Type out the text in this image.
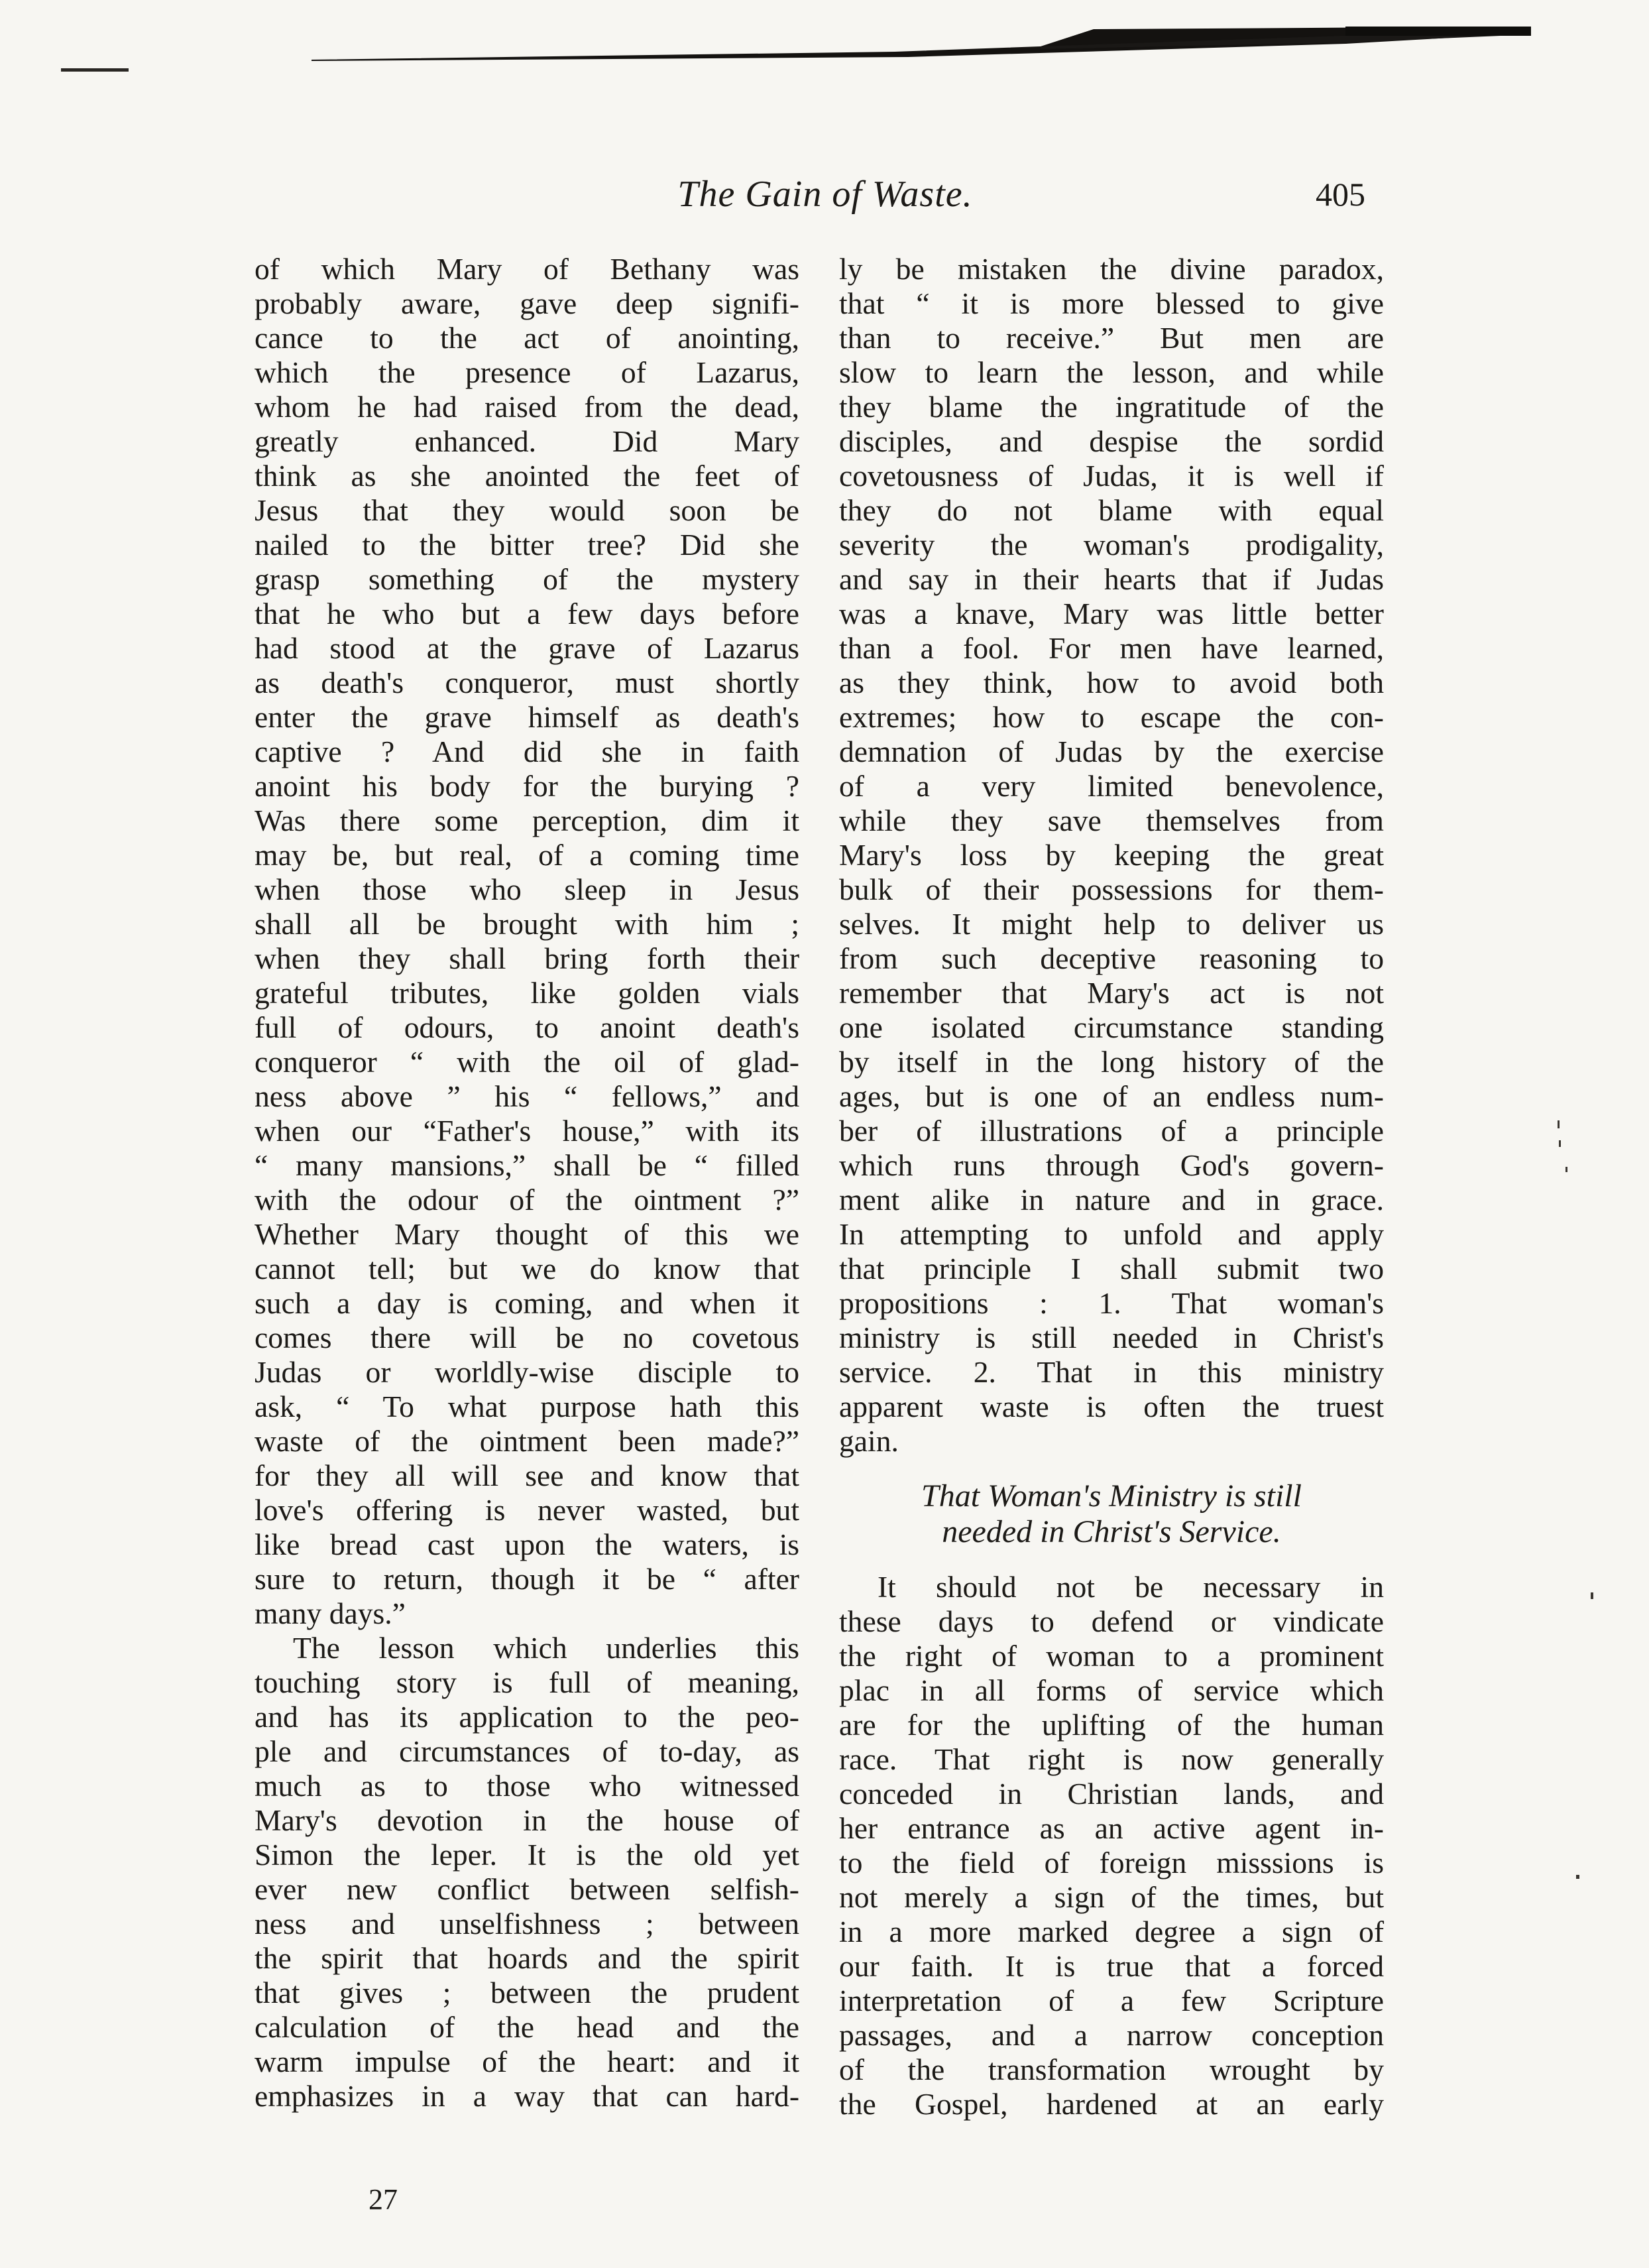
The Gain of Waste.	405
of which Mary of Bethany was
probably aware, gave deep signifi-
cance to the act of anointing,
which the presence of Lazarus,
whom he had raised from the dead,
greatly enhanced. Did Mary
think as she anointed the feet of
Jesus that they would soon be
nailed to the bitter tree? Did she
grasp something of the mystery
that he who but a few days before
had stood at the grave of Lazarus
as death's conqueror, must shortly
enter the grave himself as death's
captive ? And did she in faith
anoint his body for the burying ?
Was there some perception, dim it
may be, but real, of a coming time
when those who sleep in Jesus
shall all be brought with him ;
when they shall bring forth their
grateful tributes, like golden vials
full of odours, to anoint death's
conqueror “ with the oil of glad-
ness above ” his “ fellows,” and
when our “Father's house,” with its
“ many mansions,” shall be “ filled
with the odour of the ointment ?”
Whether Mary thought of this we
cannot tell; but we do know that
such a day is coming, and when it
comes there will be no covetous
Judas or worldly-wise disciple to
ask, “ To what purpose hath this
waste of the ointment been made?”
for they all will see and know that
love's offering is never wasted, but
like bread cast upon the waters, is
sure to return, though it be “ after
many days.”
The lesson which underlies this
touching story is full of meaning,
and has its application to the peo-
ple and circumstances of to-day, as
much as to those who witnessed
Mary's devotion in the house of
Simon the leper. It is the old yet
ever new conflict between selfish-
ness and unselfishness ; between
the spirit that hoards and the spirit
that gives ; between the prudent
calculation of the head and the
warm impulse of the heart: and it
emphasizes in a way that can hard-
ly be mistaken the divine paradox,
that “ it is more blessed to give
than to receive.” But men are
slow to learn the lesson, and while
they blame the ingratitude of the
disciples, and despise the sordid
covetousness of Judas, it is well if
they do not blame with equal
severity the woman's prodigality,
and say in their hearts that if Judas
was a knave, Mary was little better
than a fool. For men have learned,
as they think, how to avoid both
extremes; how to escape the con-
demnation of Judas by the exercise
of a very limited benevolence,
while they save themselves from
Mary's loss by keeping the great
bulk of their possessions for them-
selves. It might help to deliver us
from such deceptive reasoning to
remember that Mary's act is not
one isolated circumstance standing
by itself in the long history of the
ages, but is one of an endless num-
ber of illustrations of a principle
which runs through God's govern-
ment alike in nature and in grace.
In attempting to unfold and apply
that principle I shall submit two
propositions : 1. That woman's
ministry is still needed in Christ's
service. 2. That in this ministry
apparent waste is often the truest
gain.
That Woman's Ministry is still
needed in Christ's Service.
It should not be necessary in
these days to defend or vindicate
the right of woman to a prominent
plac in all forms of service which
are for the uplifting of the human
race. That right is now generally
conceded in Christian lands, and
her entrance as an active agent in-
to the field of foreign misssions is
not merely a sign of the times, but
in a more marked degree a sign of
our faith. It is true that a forced
interpretation of a few Scripture
passages, and a narrow conception
of the transformation wrought by
the Gospel, hardened at an early
27
